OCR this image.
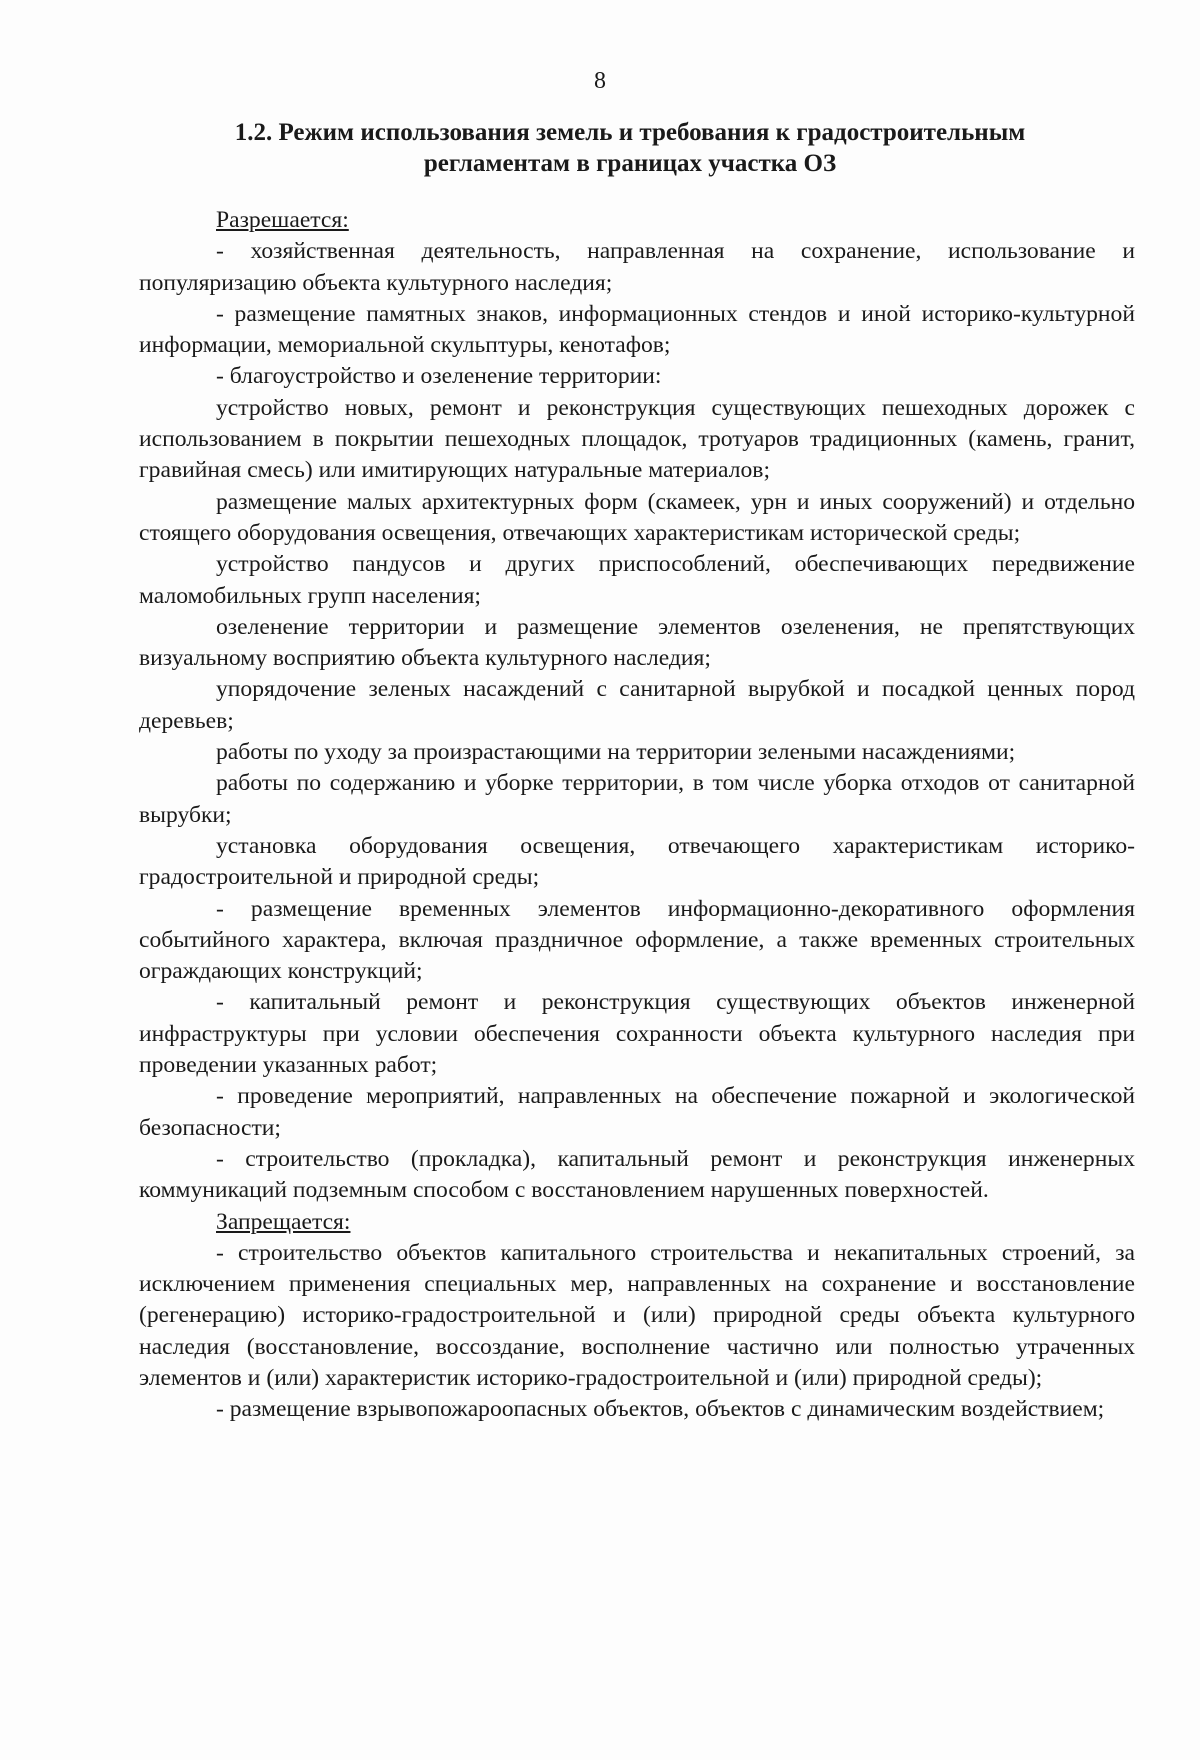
8
1.2. Режим использования земель и требования к градостроительным
регламентам в границах участка ОЗ

Разрешается:

- хозяйственная деятельность, направленная на сохранение, использование и популяризацию объекта культурного наследия;

- размещение памятных знаков, информационных стендов и иной историко-культурной информации, мемориальной скульптуры, кенотафов;

- благоустройство и озеленение территории:

устройство новых, ремонт и реконструкция существующих пешеходных дорожек с использованием в покрытии пешеходных площадок, тротуаров традиционных (камень, гранит, гравийная смесь) или имитирующих натуральные материалов;

размещение малых архитектурных форм (скамеек, урн и иных сооружений) и отдельно стоящего оборудования освещения, отвечающих характеристикам исторической среды;

устройство пандусов и других приспособлений, обеспечивающих передвижение маломобильных групп населения;

озеленение территории и размещение элементов озеленения, не препятствующих визуальному восприятию объекта культурного наследия;

упорядочение зеленых насаждений с санитарной вырубкой и посадкой ценных пород деревьев;

работы по уходу за произрастающими на территории зелеными насаждениями;

работы по содержанию и уборке территории, в том числе уборка отходов от санитарной вырубки;

установка оборудования освещения, отвечающего характеристикам историко-градостроительной и природной среды;

- размещение временных элементов информационно-декоративного оформления событийного характера, включая праздничное оформление, а также временных строительных ограждающих конструкций;

- капитальный ремонт и реконструкция существующих объектов инженерной инфраструктуры при условии обеспечения сохранности объекта культурного наследия при проведении указанных работ;

- проведение мероприятий, направленных на обеспечение пожарной и экологической безопасности;

- строительство (прокладка), капитальный ремонт и реконструкция инженерных коммуникаций подземным способом с восстановлением нарушенных поверхностей.

Запрещается:

- строительство объектов капитального строительства и некапитальных строений, за исключением применения специальных мер, направленных на сохранение и восстановление (регенерацию) историко-градостроительной и (или) природной среды объекта культурного наследия (восстановление, воссоздание, восполнение частично или полностью утраченных элементов и (или) характеристик историко-градостроительной и (или) природной среды);

- размещение взрывопожароопасных объектов, объектов с динамическим воздействием;
